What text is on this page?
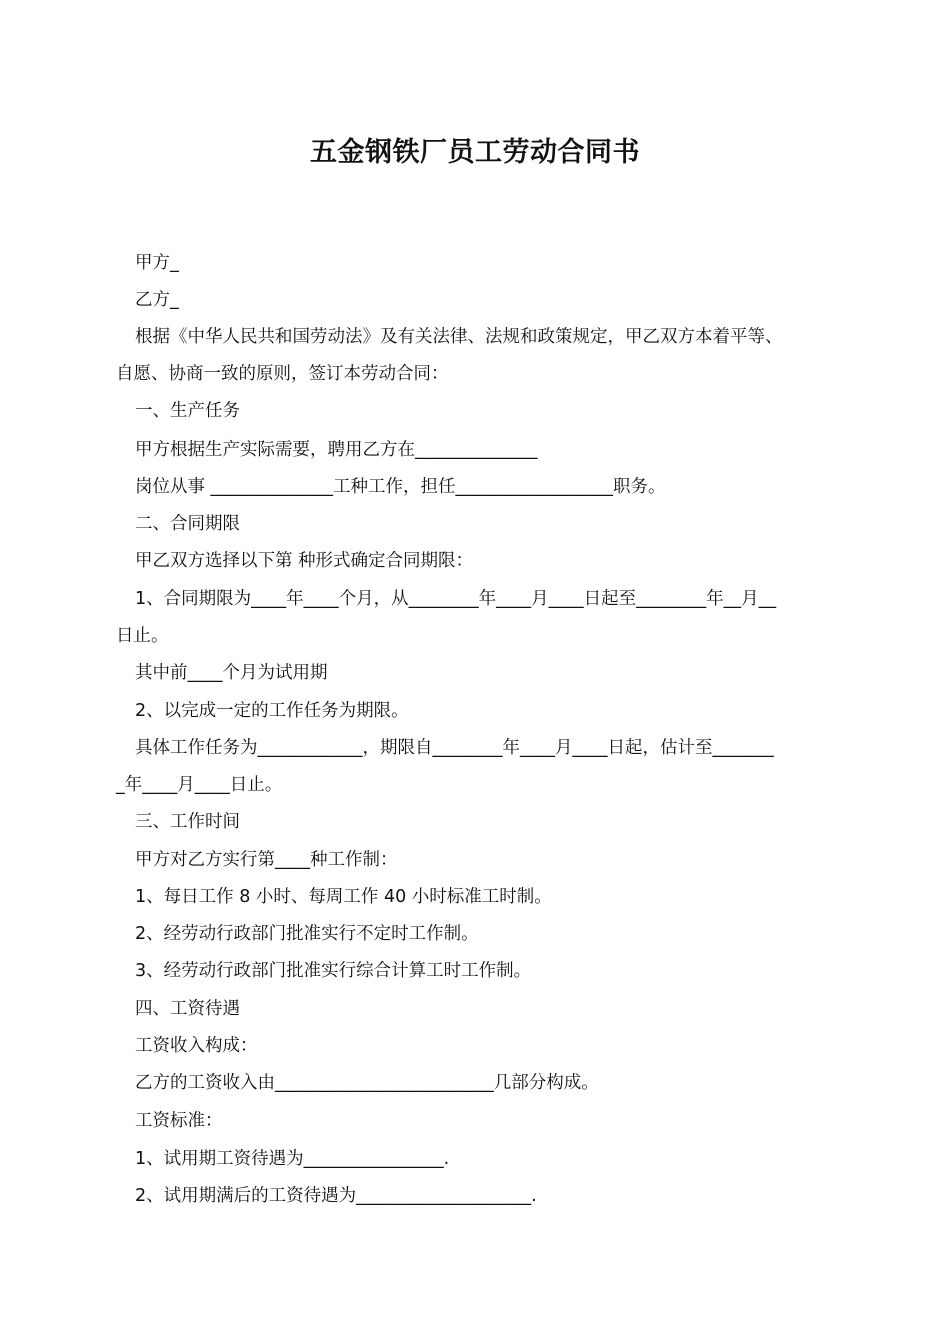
五金钢铁厂员工劳动合同书
甲方_
乙方_
根据《中华人民共和国劳动法》及有关法律、法规和政策规定，甲乙双方本着平等、
自愿、协商一致的原则，签订本劳动合同：
一、生产任务
甲方根据生产实际需要，聘用乙方在______________
岗位从事 ______________工种工作，担任__________________职务。
二、合同期限
甲乙双方选择以下第 种形式确定合同期限：
1、合同期限为____年____个月，从________年____月____日起至________年__月__
日止。
其中前____个月为试用期
2、以完成一定的工作任务为期限。
具体工作任务为____________，期限自________年____月____日起，估计至_______
_年____月____日止。
三、工作时间
甲方对乙方实行第____种工作制：
1、每日工作 8 小时、每周工作 40 小时标准工时制。
2、经劳动行政部门批准实行不定时工作制。
3、经劳动行政部门批准实行综合计算工时工作制。
四、工资待遇
工资收入构成：
乙方的工资收入由_________________________几部分构成。
工资标准：
1、试用期工资待遇为________________.
2、试用期满后的工资待遇为____________________.
